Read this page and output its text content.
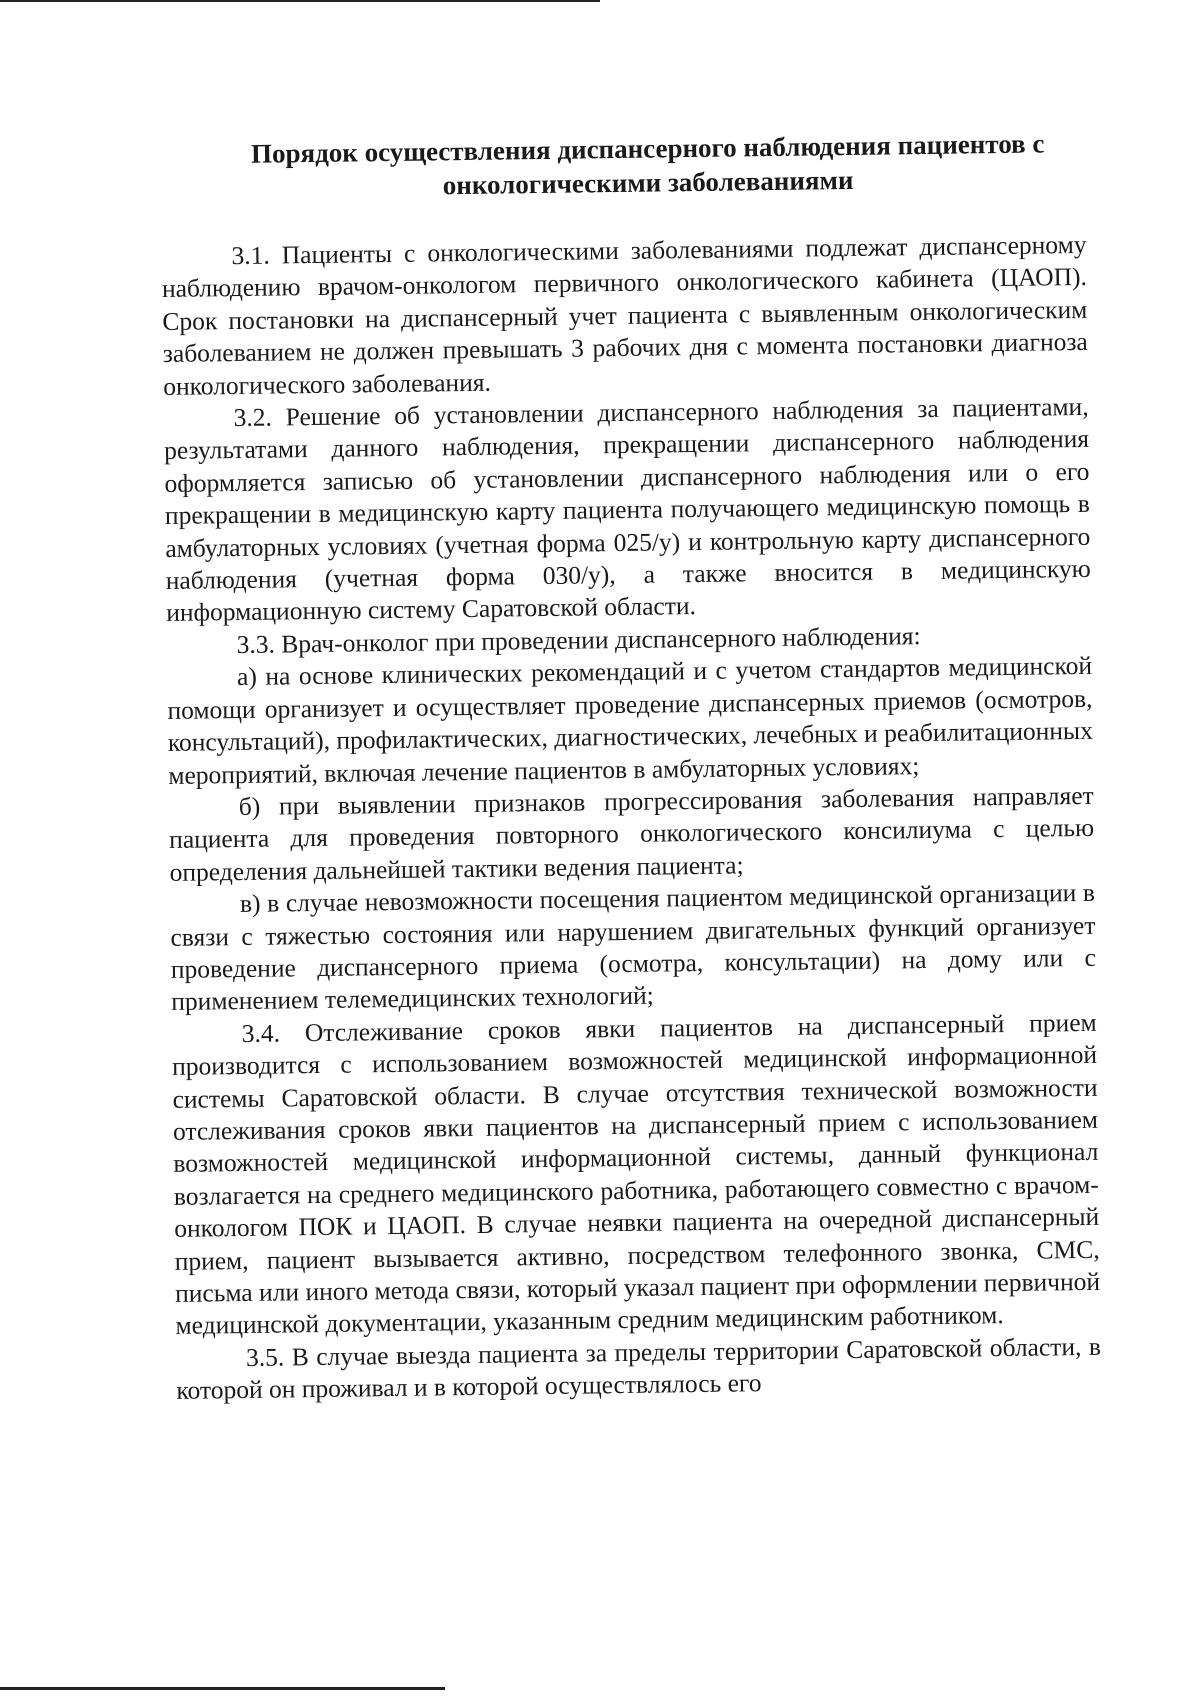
Порядок осуществления диспансерного наблюдения пациентов с
онкологическими заболеваниями

3.1. Пациенты с онкологическими заболеваниями подлежат диспансерному наблюдению врачом-онкологом первичного онкологического кабинета (ЦАОП). Срок постановки на диспансерный учет пациента с выявленным онкологическим заболеванием не должен превышать 3 рабочих дня с момента постановки диагноза онкологического заболевания.

3.2. Решение об установлении диспансерного наблюдения за пациентами, результатами данного наблюдения, прекращении диспансерного наблюдения оформляется записью об установлении диспансерного наблюдения или о его прекращении в медицинскую карту пациента получающего медицинскую помощь в амбулаторных условиях (учетная форма 025/у) и контрольную карту диспансерного наблюдения (учетная форма 030/у), а также вносится в медицинскую информационную систему Саратовской области.

3.3. Врач-онколог при проведении диспансерного наблюдения:

а) на основе клинических рекомендаций и с учетом стандартов медицинской помощи организует и осуществляет проведение диспансерных приемов (осмотров, консультаций), профилактических, диагностических, лечебных и реабилитационных мероприятий, включая лечение пациентов в амбулаторных условиях;

б) при выявлении признаков прогрессирования заболевания направляет пациента для проведения повторного онкологического консилиума с целью определения дальнейшей тактики ведения пациента;

в) в случае невозможности посещения пациентом медицинской организации в связи с тяжестью состояния или нарушением двигательных функций организует проведение диспансерного приема (осмотра, консультации) на дому или с применением телемедицинских технологий;

3.4. Отслеживание сроков явки пациентов на диспансерный прием производится с использованием возможностей медицинской информационной системы Саратовской области. В случае отсутствия технической возможности отслеживания сроков явки пациентов на диспансерный прием с использованием возможностей медицинской информационной системы, данный функционал возлагается на среднего медицинского работника, работающего совместно с врачом-онкологом ПОК и ЦАОП. В случае неявки пациента на очередной диспансерный прием, пациент вызывается активно, посредством телефонного звонка, СМС, письма или иного метода связи, который указал пациент при оформлении первичной медицинской документации, указанным средним медицинским работником.

3.5. В случае выезда пациента за пределы территории Саратовской области, в которой он проживал и в которой осуществлялось его
